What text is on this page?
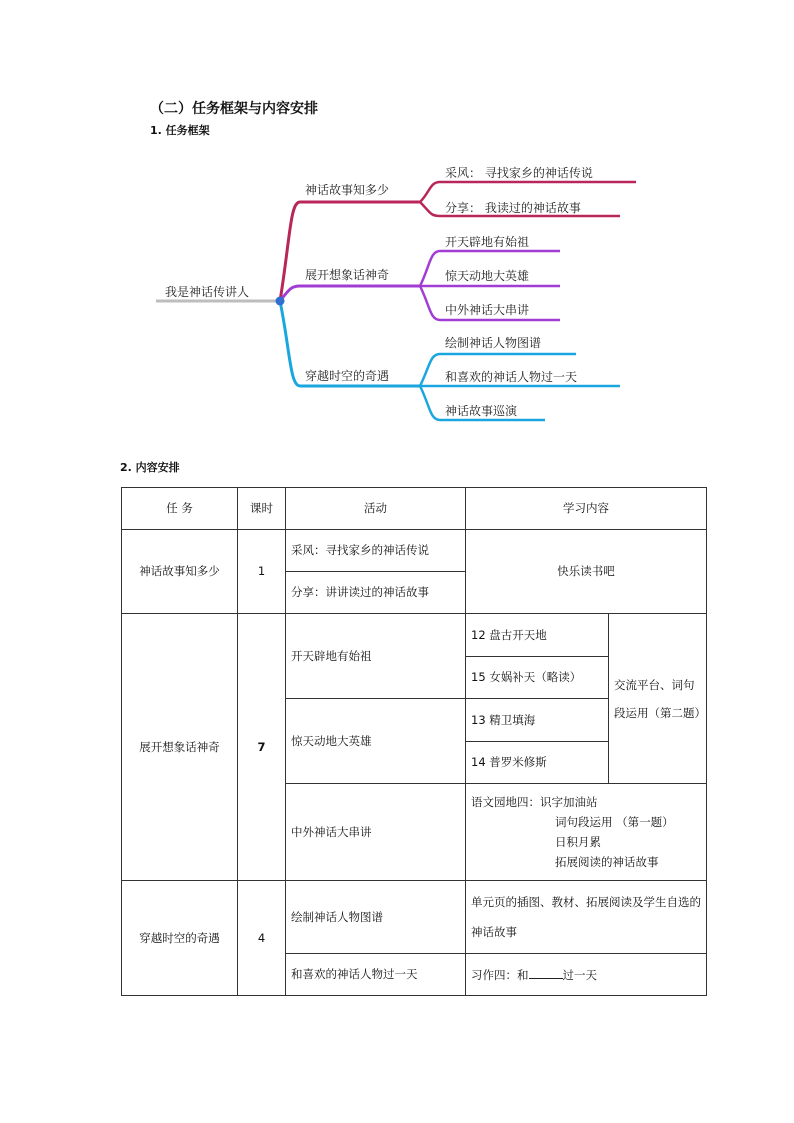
（二）任务框架与内容安排
1. 任务框架
我是神话传讲人
神话故事知多少
采风： 寻找家乡的神话传说
分享： 我读过的神话故事
展开想象话神奇
开天辟地有始祖
惊天动地大英雄
中外神话大串讲
穿越时空的奇遇
绘制神话人物图谱
和喜欢的神话人物过一天
神话故事巡演
2. 内容安排
任 务	课时	活动	学习内容	
神话故事知多少	1	采风：寻找家乡的神话传说	快乐读书吧	
		分享：讲讲读过的神话故事		
展开想象话神奇	7	开天辟地有始祖	12 盘古开天地	交流平台、词句段运用（第二题）
			15 女娲补天（略读）	
		惊天动地大英雄	13 精卫填海	
			14 普罗米修斯	
		中外神话大串讲	语文园地四：识字加油站
词句段运用 （第一题）
日积月累
拓展阅读的神话故事	

穿越时空的奇遇	4	绘制神话人物图谱	单元页的插图、教材、拓展阅读及学生自选的神话故事	
		和喜欢的神话人物过一天	习作四：和 过一天	
